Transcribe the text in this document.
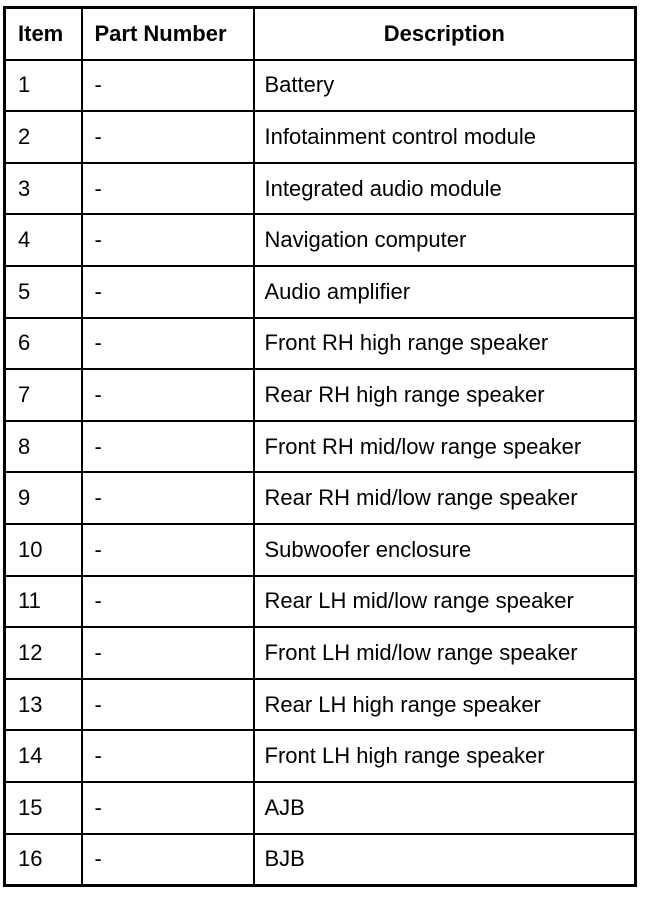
Item	Part Number	Description
1	-	Battery
2	-	Infotainment control module
3	-	Integrated audio module
4	-	Navigation computer
5	-	Audio amplifier
6	-	Front RH high range speaker
7	-	Rear RH high range speaker
8	-	Front RH mid/low range speaker
9	-	Rear RH mid/low range speaker
10	-	Subwoofer enclosure
11	-	Rear LH mid/low range speaker
12	-	Front LH mid/low range speaker
13	-	Rear LH high range speaker
14	-	Front LH high range speaker
15	-	AJB
16	-	BJB
